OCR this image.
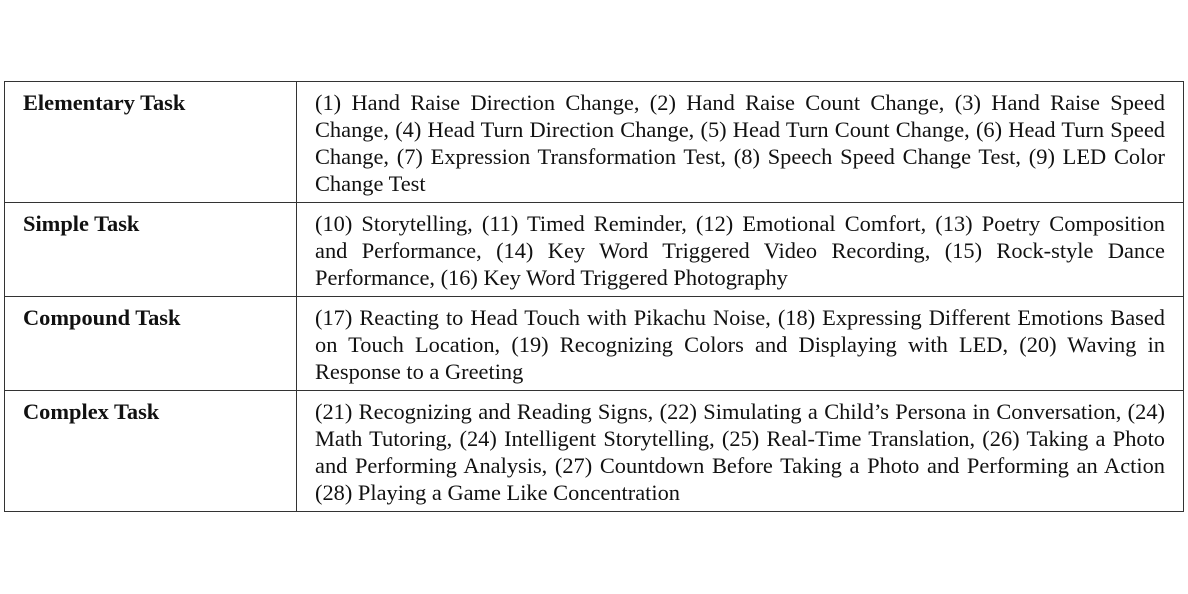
Elementary Task	(1) Hand Raise Direction Change, (2) Hand Raise Count Change, (3) Hand Raise Speed Change, (4) Head Turn Direction Change, (5) Head Turn Count Change, (6) Head Turn Speed Change, (7) Expression Transformation Test, (8) Speech Speed Change Test, (9) LED Color Change Test
Simple Task	(10) Storytelling, (11) Timed Reminder, (12) Emotional Comfort, (13) Poetry Composition and Performance, (14) Key Word Triggered Video Recording, (15) Rock-style Dance Performance, (16) Key Word Triggered Photography
Compound Task	(17) Reacting to Head Touch with Pikachu Noise, (18) Expressing Different Emotions Based on Touch Location, (19) Recognizing Colors and Displaying with LED, (20) Waving in Response to a Greeting
Complex Task	(21) Recognizing and Reading Signs, (22) Simulating a Child’s Persona in Conversation, (24) Math Tutoring, (24) Intelligent Storytelling, (25) Real-Time Translation, (26) Taking a Photo and Performing Analysis, (27) Countdown Before Taking a Photo and Performing an Action (28) Playing a Game Like Concentration
